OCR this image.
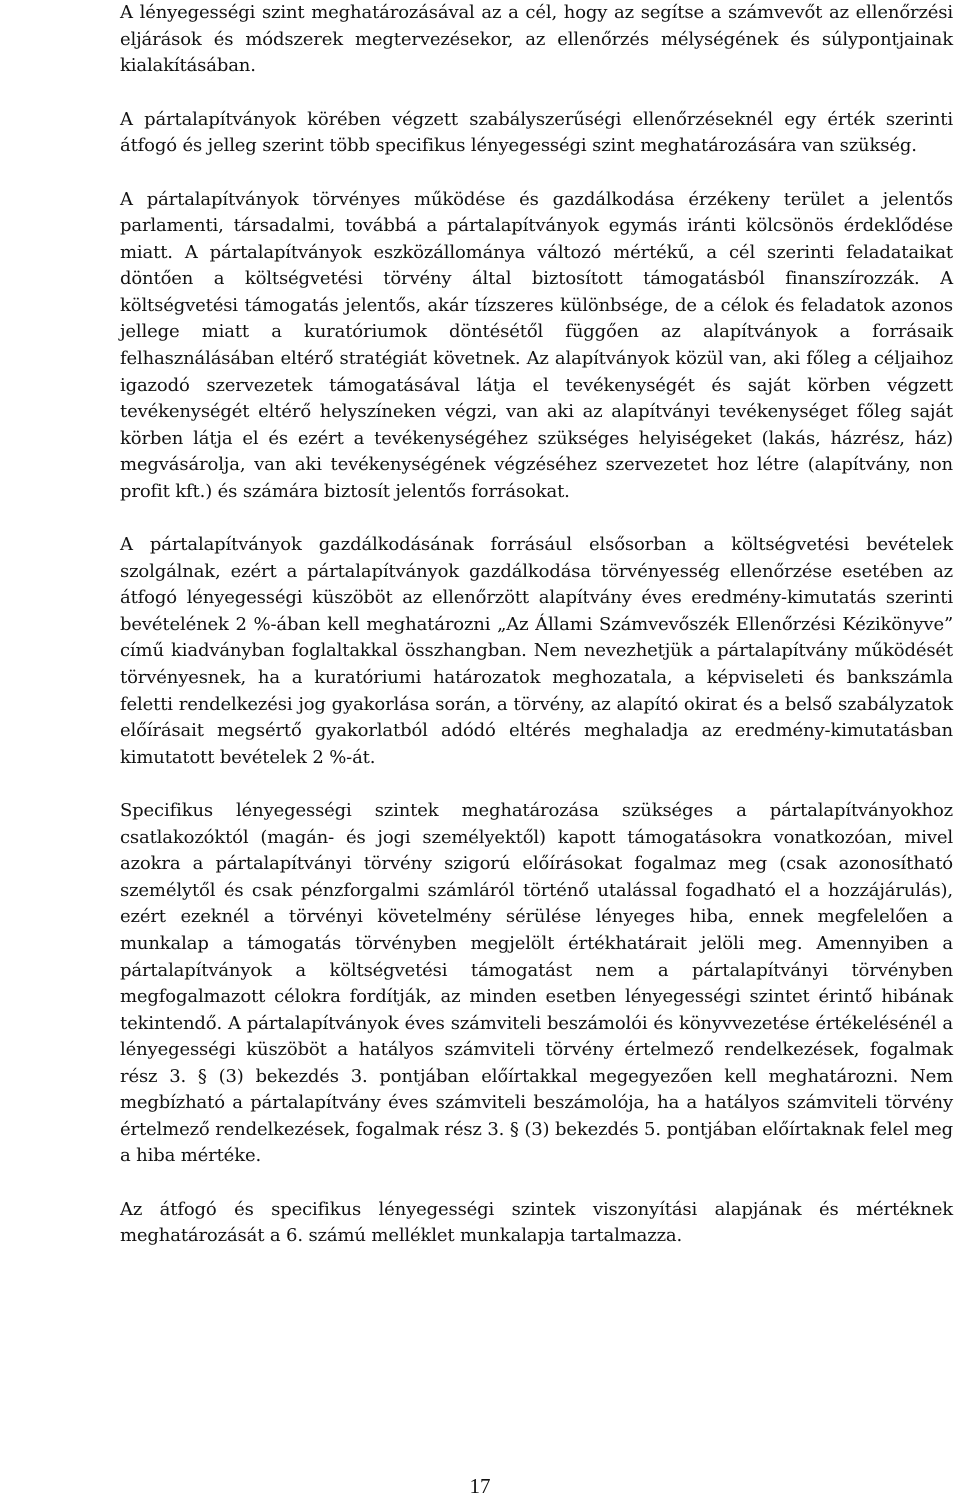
A lényegességi szint meghatározásával az a cél, hogy az segítse a számvevőt az ellenőrzési eljárások és módszerek megtervezésekor, az ellenőrzés mélységének és súlypontjainak kialakításában.

A pártalapítványok körében végzett szabályszerűségi ellenőrzéseknél egy érték szerinti átfogó és jelleg szerint több specifikus lényegességi szint meghatározására van szükség.

A pártalapítványok törvényes működése és gazdálkodása érzékeny terület a jelentős parlamenti, társadalmi, továbbá a pártalapítványok egymás iránti kölcsönös érdeklődése miatt. A pártalapítványok eszközállománya változó mértékű, a cél szerinti feladataikat döntően a költségvetési törvény által biztosított támogatásból finanszírozzák. A költségvetési támogatás jelentős, akár tízszeres különbsége, de a célok és feladatok azonos jellege miatt a kuratóriumok döntésétől függően az alapítványok a forrásaik felhasználásában eltérő stratégiát követnek. Az alapítványok közül van, aki főleg a céljaihoz igazodó szervezetek támogatásával látja el tevékenységét és saját körben végzett tevékenységét eltérő helyszíneken végzi, van aki az alapítványi tevékenységet főleg saját körben látja el és ezért a tevékenységéhez szükséges helyiségeket (lakás, házrész, ház) megvásárolja, van aki tevékenységének végzéséhez szervezetet hoz létre (alapítvány, non profit kft.) és számára biztosít jelentős forrásokat.

A pártalapítványok gazdálkodásának forrásául elsősorban a költségvetési bevételek szolgálnak, ezért a pártalapítványok gazdálkodása törvényesség ellenőrzése esetében az átfogó lényegességi küszöböt az ellenőrzött alapítvány éves eredmény-kimutatás szerinti bevételének 2 %-ában kell meghatározni „Az Állami Számvevőszék Ellenőrzési Kézikönyve” című kiadványban foglaltakkal összhangban. Nem nevezhetjük a pártalapítvány működését törvényesnek, ha a kuratóriumi határozatok meghozatala, a képviseleti és bankszámla feletti rendelkezési jog gyakorlása során, a törvény, az alapító okirat és a belső szabályzatok előírásait megsértő gyakorlatból adódó eltérés meghaladja az eredmény-kimutatásban kimutatott bevételek 2 %-át.

Specifikus lényegességi szintek meghatározása szükséges a pártalapítványokhoz csatlakozóktól (magán- és jogi személyektől) kapott támogatásokra vonatkozóan, mivel azokra a pártalapítványi törvény szigorú előírásokat fogalmaz meg (csak azonosítható személytől és csak pénzforgalmi számláról történő utalással fogadható el a hozzájárulás), ezért ezeknél a törvényi követelmény sérülése lényeges hiba, ennek megfelelően a munkalap a támogatás törvényben megjelölt értékhatárait jelöli meg. Amennyiben a pártalapítványok a költségvetési támogatást nem a pártalapítványi törvényben megfogalmazott célokra fordítják, az minden esetben lényegességi szintet érintő hibának tekintendő. A pártalapítványok éves számviteli beszámolói és könyvvezetése értékelésénél a lényegességi küszöböt a hatályos számviteli törvény értelmező rendelkezések, fogalmak rész 3. § (3) bekezdés 3. pontjában előírtakkal megegyezően kell meghatározni. Nem megbízható a pártalapítvány éves számviteli beszámolója, ha a hatályos számviteli törvény értelmező rendelkezések, fogalmak rész 3. § (3) bekezdés 5. pontjában előírtaknak felel meg a hiba mértéke.

Az átfogó és specifikus lényegességi szintek viszonyítási alapjának és mértéknek meghatározását a 6. számú melléklet munkalapja tartalmazza.

17
